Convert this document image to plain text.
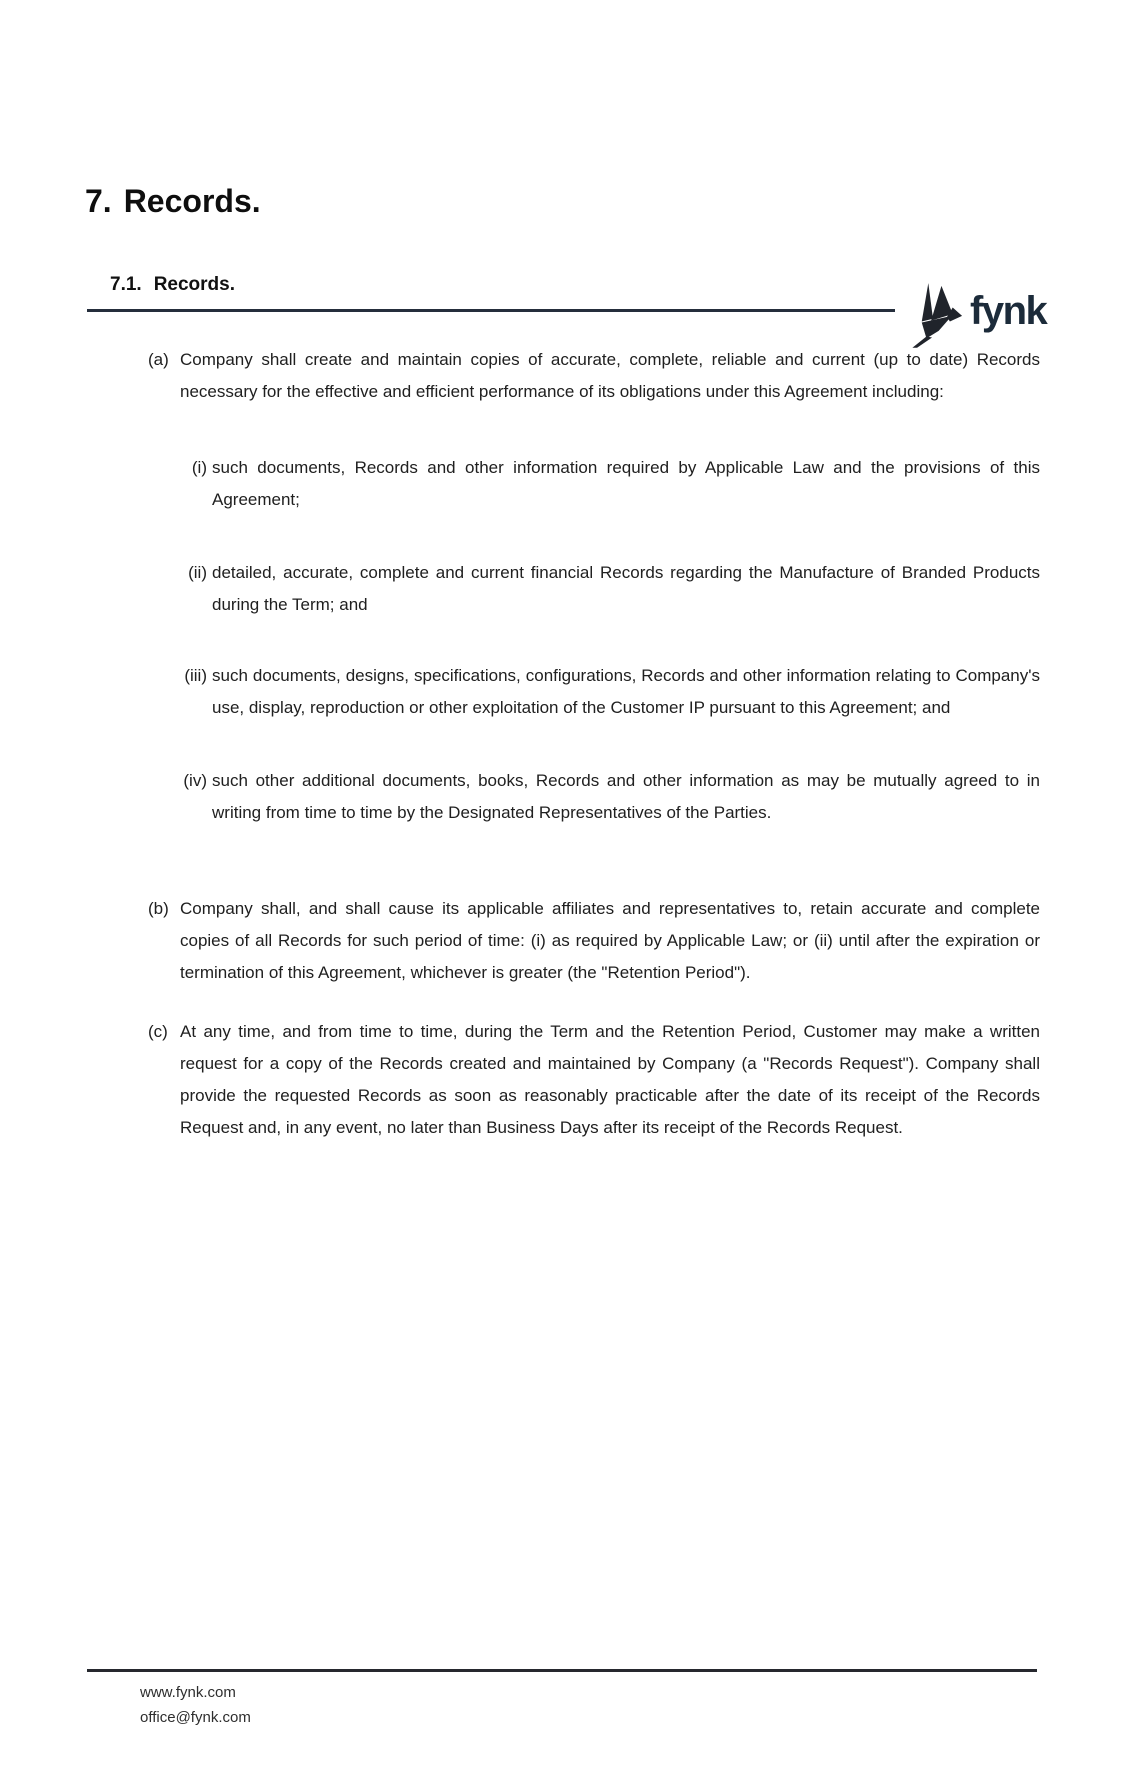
fynk
7. Records.
7.1. Records.
(a) Company shall create and maintain copies of accurate, complete, reliable and current (up to date) Records necessary for the effective and efficient performance of its obligations under this Agreement including:
(i) such documents, Records and other information required by Applicable Law and the provisions of this Agreement;
(ii) detailed, accurate, complete and current financial Records regarding the Manufacture of Branded Products during the Term; and
(iii) such documents, designs, specifications, configurations, Records and other information relating to Company's use, display, reproduction or other exploitation of the Customer IP pursuant to this Agreement; and
(iv) such other additional documents, books, Records and other information as may be mutually agreed to in writing from time to time by the Designated Representatives of the Parties.
(b) Company shall, and shall cause its applicable affiliates and representatives to, retain accurate and complete copies of all Records for such period of time: (i) as required by Applicable Law; or (ii) until after the expiration or termination of this Agreement, whichever is greater (the "Retention Period").
(c) At any time, and from time to time, during the Term and the Retention Period, Customer may make a written request for a copy of the Records created and maintained by Company (a "Records Request"). Company shall provide the requested Records as soon as reasonably practicable after the date of its receipt of the Records Request and, in any event, no later than Business Days after its receipt of the Records Request.
www.fynk.com
office@fynk.com
